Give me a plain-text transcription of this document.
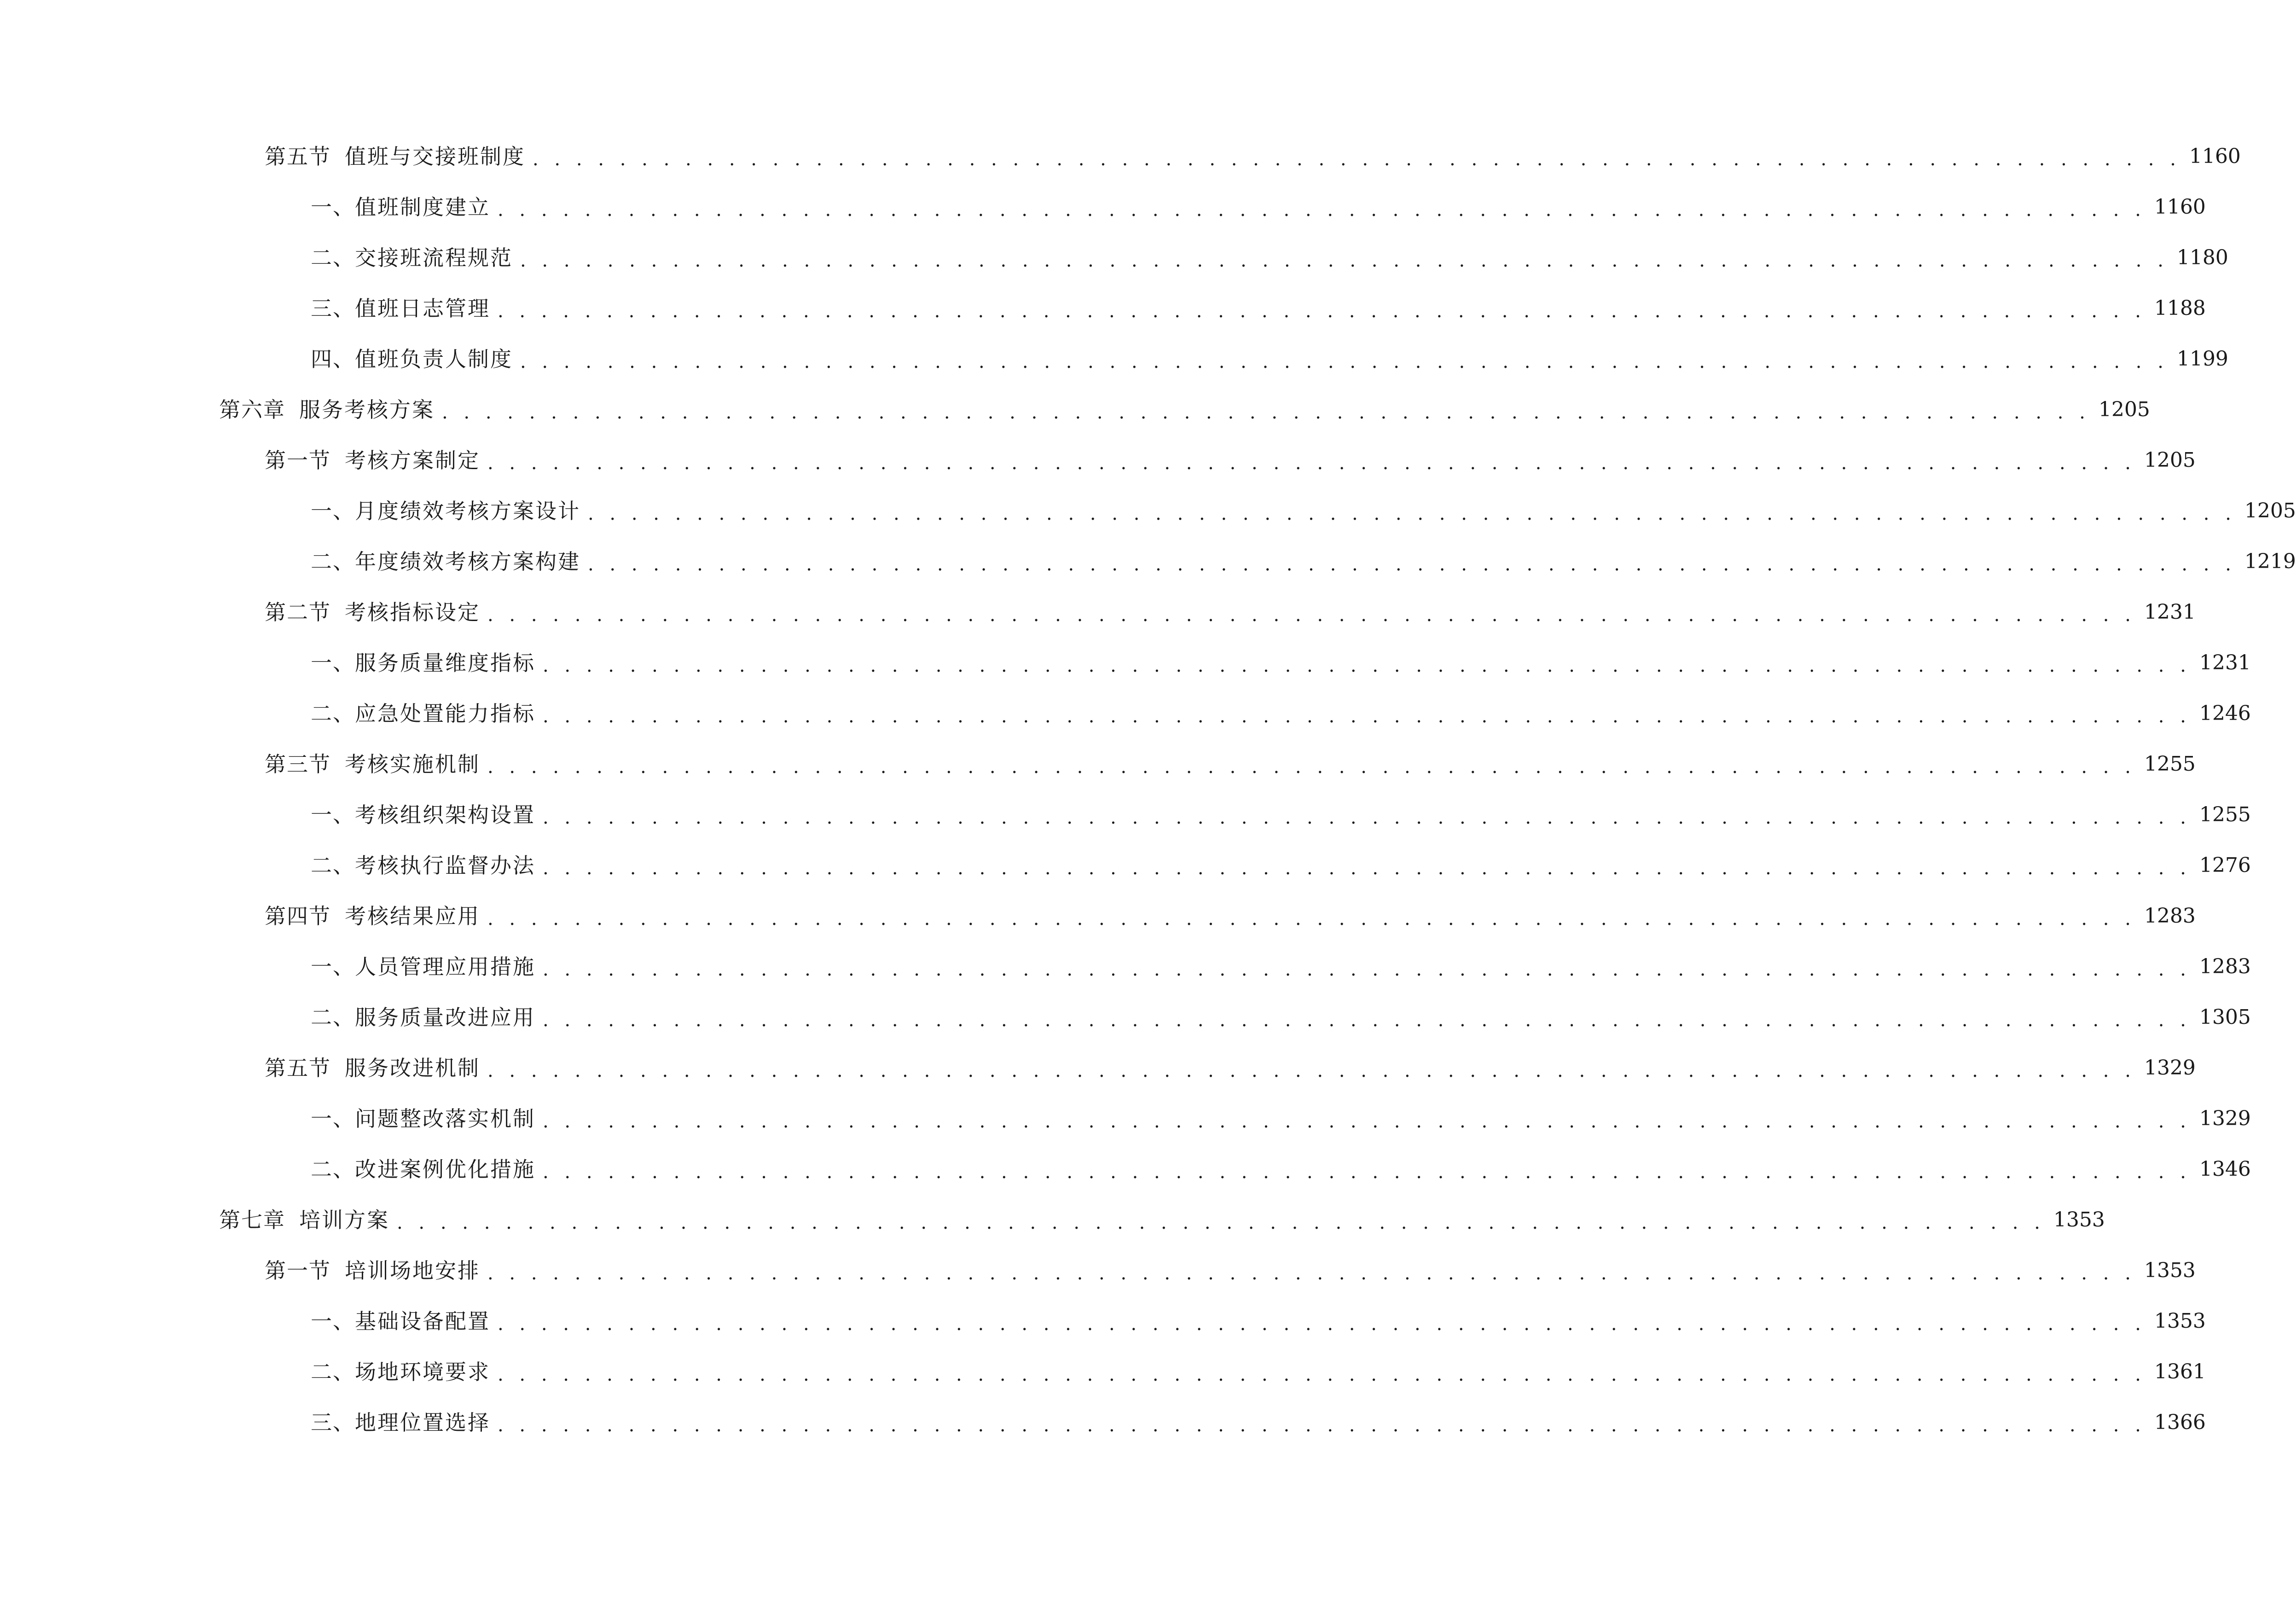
第五节 值班与交接班制度 . . . . . . . . . . . . . . . . . . . . . . . . . . . . . . . . . . . . . . . . . . . . . . . . . . . . . . . . . . . . . . . . . . . . . . . . . . . . 1160
一、 值班制度建立 . . . . . . . . . . . . . . . . . . . . . . . . . . . . . . . . . . . . . . . . . . . . . . . . . . . . . . . . . . . . . . . . . . . . . . . . . . . . 1160
二、 交接班流程规范 . . . . . . . . . . . . . . . . . . . . . . . . . . . . . . . . . . . . . . . . . . . . . . . . . . . . . . . . . . . . . . . . . . . . . . . . . . . . 1180
三、 值班日志管理 . . . . . . . . . . . . . . . . . . . . . . . . . . . . . . . . . . . . . . . . . . . . . . . . . . . . . . . . . . . . . . . . . . . . . . . . . . . . 1188
四、 值班负责人制度 . . . . . . . . . . . . . . . . . . . . . . . . . . . . . . . . . . . . . . . . . . . . . . . . . . . . . . . . . . . . . . . . . . . . . . . . . . . . 1199
第六章 服务考核方案 . . . . . . . . . . . . . . . . . . . . . . . . . . . . . . . . . . . . . . . . . . . . . . . . . . . . . . . . . . . . . . . . . . . . . . . . . . . . 1205
第一节 考核方案制定 . . . . . . . . . . . . . . . . . . . . . . . . . . . . . . . . . . . . . . . . . . . . . . . . . . . . . . . . . . . . . . . . . . . . . . . . . . . . 1205
一、 月度绩效考核方案设计 . . . . . . . . . . . . . . . . . . . . . . . . . . . . . . . . . . . . . . . . . . . . . . . . . . . . . . . . . . . . . . . . . . . . . . . . . . . . 1205
二、 年度绩效考核方案构建 . . . . . . . . . . . . . . . . . . . . . . . . . . . . . . . . . . . . . . . . . . . . . . . . . . . . . . . . . . . . . . . . . . . . . . . . . . . . 1219
第二节 考核指标设定 . . . . . . . . . . . . . . . . . . . . . . . . . . . . . . . . . . . . . . . . . . . . . . . . . . . . . . . . . . . . . . . . . . . . . . . . . . . . 1231
一、 服务质量维度指标 . . . . . . . . . . . . . . . . . . . . . . . . . . . . . . . . . . . . . . . . . . . . . . . . . . . . . . . . . . . . . . . . . . . . . . . . . . . . 1231
二、 应急处置能力指标 . . . . . . . . . . . . . . . . . . . . . . . . . . . . . . . . . . . . . . . . . . . . . . . . . . . . . . . . . . . . . . . . . . . . . . . . . . . . 1246
第三节 考核实施机制 . . . . . . . . . . . . . . . . . . . . . . . . . . . . . . . . . . . . . . . . . . . . . . . . . . . . . . . . . . . . . . . . . . . . . . . . . . . . 1255
一、 考核组织架构设置 . . . . . . . . . . . . . . . . . . . . . . . . . . . . . . . . . . . . . . . . . . . . . . . . . . . . . . . . . . . . . . . . . . . . . . . . . . . . 1255
二、 考核执行监督办法 . . . . . . . . . . . . . . . . . . . . . . . . . . . . . . . . . . . . . . . . . . . . . . . . . . . . . . . . . . . . . . . . . . . . . . . . . . . . 1276
第四节 考核结果应用 . . . . . . . . . . . . . . . . . . . . . . . . . . . . . . . . . . . . . . . . . . . . . . . . . . . . . . . . . . . . . . . . . . . . . . . . . . . . 1283
一、 人员管理应用措施 . . . . . . . . . . . . . . . . . . . . . . . . . . . . . . . . . . . . . . . . . . . . . . . . . . . . . . . . . . . . . . . . . . . . . . . . . . . . 1283
二、 服务质量改进应用 . . . . . . . . . . . . . . . . . . . . . . . . . . . . . . . . . . . . . . . . . . . . . . . . . . . . . . . . . . . . . . . . . . . . . . . . . . . . 1305
第五节 服务改进机制 . . . . . . . . . . . . . . . . . . . . . . . . . . . . . . . . . . . . . . . . . . . . . . . . . . . . . . . . . . . . . . . . . . . . . . . . . . . . 1329
一、 问题整改落实机制 . . . . . . . . . . . . . . . . . . . . . . . . . . . . . . . . . . . . . . . . . . . . . . . . . . . . . . . . . . . . . . . . . . . . . . . . . . . . 1329
二、 改进案例优化措施 . . . . . . . . . . . . . . . . . . . . . . . . . . . . . . . . . . . . . . . . . . . . . . . . . . . . . . . . . . . . . . . . . . . . . . . . . . . . 1346
第七章 培训方案 . . . . . . . . . . . . . . . . . . . . . . . . . . . . . . . . . . . . . . . . . . . . . . . . . . . . . . . . . . . . . . . . . . . . . . . . . . . . 1353
第一节 培训场地安排 . . . . . . . . . . . . . . . . . . . . . . . . . . . . . . . . . . . . . . . . . . . . . . . . . . . . . . . . . . . . . . . . . . . . . . . . . . . . 1353
一、 基础设备配置 . . . . . . . . . . . . . . . . . . . . . . . . . . . . . . . . . . . . . . . . . . . . . . . . . . . . . . . . . . . . . . . . . . . . . . . . . . . . 1353
二、 场地环境要求 . . . . . . . . . . . . . . . . . . . . . . . . . . . . . . . . . . . . . . . . . . . . . . . . . . . . . . . . . . . . . . . . . . . . . . . . . . . . 1361
三、 地理位置选择 . . . . . . . . . . . . . . . . . . . . . . . . . . . . . . . . . . . . . . . . . . . . . . . . . . . . . . . . . . . . . . . . . . . . . . . . . . . . 1366
